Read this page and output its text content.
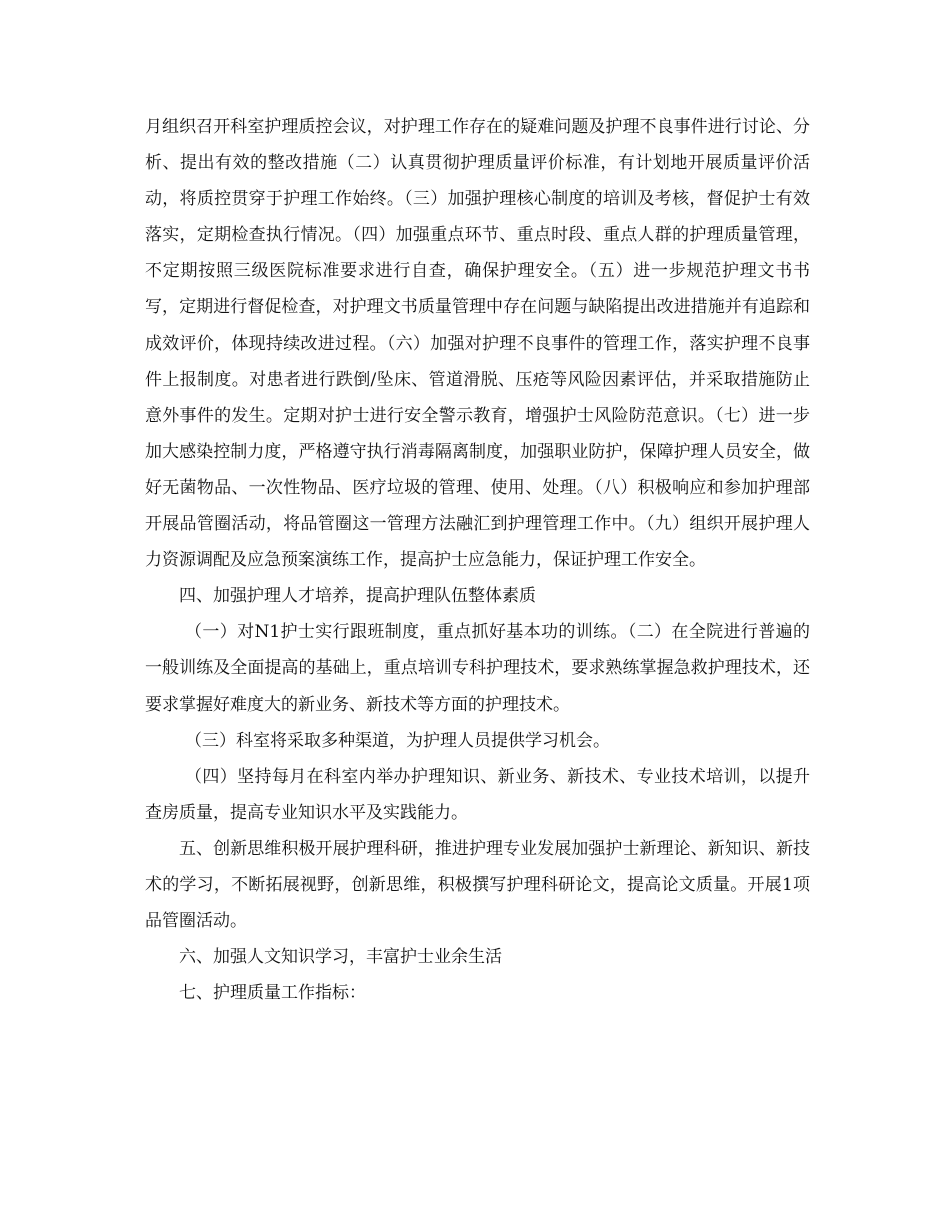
月组织召开科室护理质控会议，对护理工作存在的疑难问题及护理不良事件进行讨论、分析、提出有效的整改措施（二）认真贯彻护理质量评价标准，有计划地开展质量评价活动，将质控贯穿于护理工作始终。（三）加强护理核心制度的培训及考核，督促护士有效落实，定期检查执行情况。（四）加强重点环节、重点时段、重点人群的护理质量管理，不定期按照三级医院标准要求进行自查，确保护理安全。（五）进一步规范护理文书书写，定期进行督促检查，对护理文书质量管理中存在问题与缺陷提出改进措施并有追踪和成效评价，体现持续改进过程。（六）加强对护理不良事件的管理工作，落实护理不良事件上报制度。对患者进行跌倒/坠床、管道滑脱、压疮等风险因素评估，并采取措施防止意外事件的发生。定期对护士进行安全警示教育，增强护士风险防范意识。（七）进一步加大感染控制力度，严格遵守执行消毒隔离制度，加强职业防护，保障护理人员安全，做好无菌物品、一次性物品、医疗垃圾的管理、使用、处理。（八）积极响应和参加护理部开展品管圈活动，将品管圈这一管理方法融汇到护理管理工作中。（九）组织开展护理人力资源调配及应急预案演练工作，提高护士应急能力，保证护理工作安全。

四、加强护理人才培养，提高护理队伍整体素质

（一）对N1护士实行跟班制度，重点抓好基本功的训练。（二）在全院进行普遍的一般训练及全面提高的基础上，重点培训专科护理技术，要求熟练掌握急救护理技术，还要求掌握好难度大的新业务、新技术等方面的护理技术。

（三）科室将采取多种渠道，为护理人员提供学习机会。

（四）坚持每月在科室内举办护理知识、新业务、新技术、专业技术培训，以提升查房质量，提高专业知识水平及实践能力。

五、创新思维积极开展护理科研，推进护理专业发展加强护士新理论、新知识、新技术的学习，不断拓展视野，创新思维，积极撰写护理科研论文，提高论文质量。开展1项品管圈活动。

六、加强人文知识学习，丰富护士业余生活

七、护理质量工作指标：
